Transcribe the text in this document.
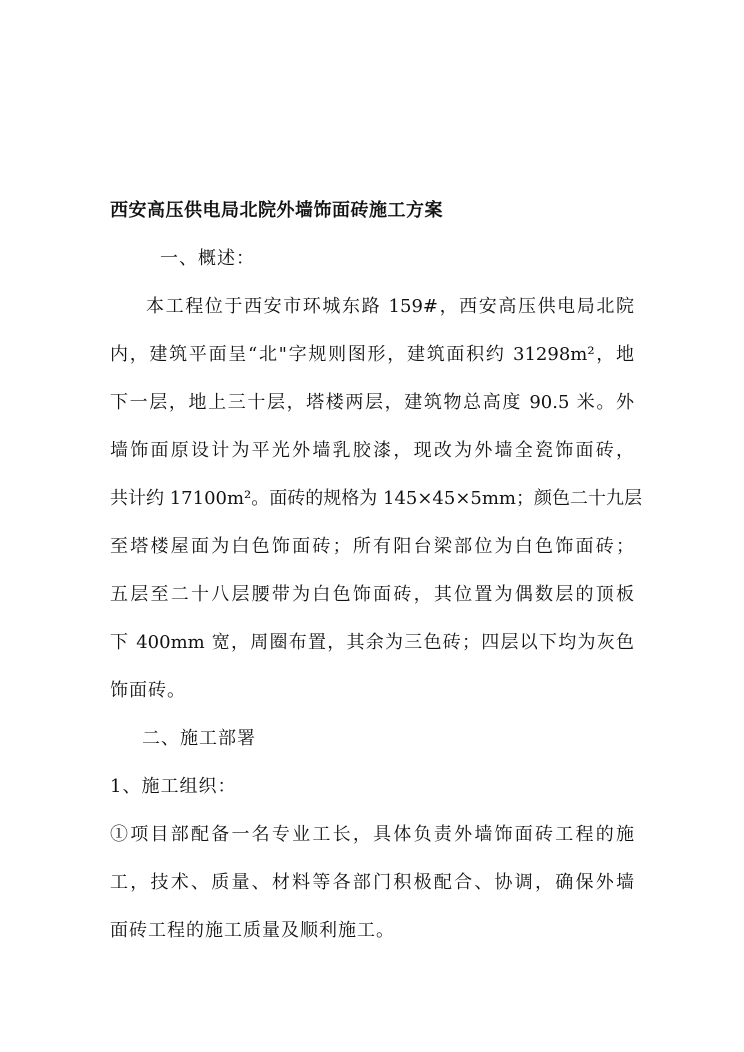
西安高压供电局北院外墙饰面砖施工方案
一、概述：
本工程位于西安市环城东路 159#，西安高压供电局北院
内，建筑平面呈“北"字规则图形，建筑面积约 31298m²，地
下一层，地上三十层，塔楼两层，建筑物总高度 90.5 米。外
墙饰面原设计为平光外墙乳胶漆，现改为外墙全瓷饰面砖，
共计约 17100m²。面砖的规格为 145×45×5mm；颜色二十九层
至塔楼屋面为白色饰面砖；所有阳台梁部位为白色饰面砖；
五层至二十八层腰带为白色饰面砖，其位置为偶数层的顶板
下 400mm 宽，周圈布置，其余为三色砖；四层以下均为灰色
饰面砖。
二、施工部署
1、施工组织：
①项目部配备一名专业工长，具体负责外墙饰面砖工程的施
工，技术、质量、材料等各部门积极配合、协调，确保外墙
面砖工程的施工质量及顺利施工。
